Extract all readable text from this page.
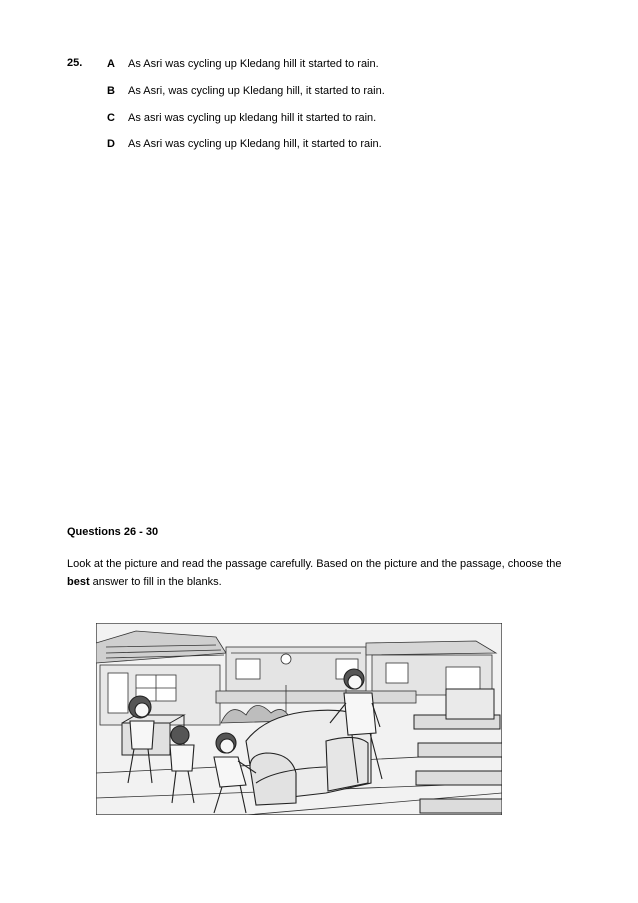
25. A As Asri was cycling up Kledang hill it started to rain.
B As Asri, was cycling up Kledang hill, it started to rain.
C As asri was cycling up kledang hill it started to rain.
D As Asri was cycling up Kledang hill, it started to rain.
Questions 26 - 30
Look at the picture and read the passage carefully. Based on the picture and the passage, choose the best answer to fill in the blanks.
